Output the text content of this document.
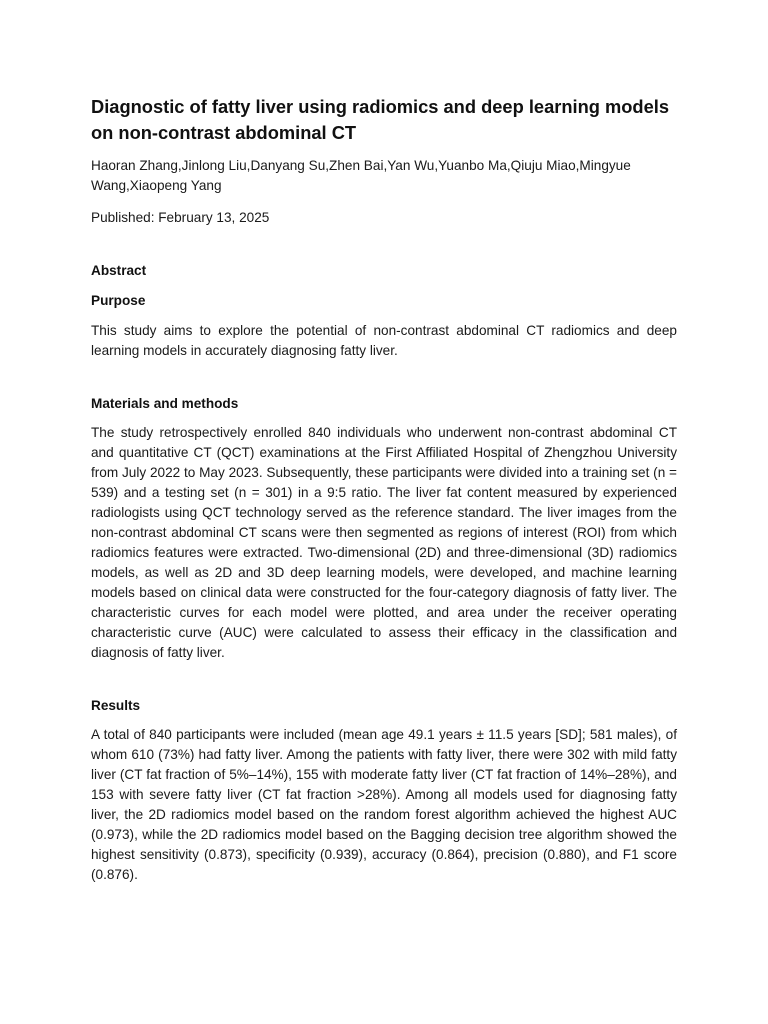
Diagnostic of fatty liver using radiomics and deep learning models on non-contrast abdominal CT
Haoran Zhang,Jinlong Liu,Danyang Su,Zhen Bai,Yan Wu,Yuanbo Ma,Qiuju Miao,Mingyue Wang,Xiaopeng Yang
Published: February 13, 2025
Abstract
Purpose

This study aims to explore the potential of non-contrast abdominal CT radiomics and deep learning models in accurately diagnosing fatty liver.

Materials and methods

The study retrospectively enrolled 840 individuals who underwent non-contrast abdominal CT and quantitative CT (QCT) examinations at the First Affiliated Hospital of Zhengzhou University from July 2022 to May 2023. Subsequently, these participants were divided into a training set (n = 539) and a testing set (n = 301) in a 9:5 ratio. The liver fat content measured by experienced radiologists using QCT technology served as the reference standard. The liver images from the non-contrast abdominal CT scans were then segmented as regions of interest (ROI) from which radiomics features were extracted. Two-dimensional (2D) and three-dimensional (3D) radiomics models, as well as 2D and 3D deep learning models, were developed, and machine learning models based on clinical data were constructed for the four-category diagnosis of fatty liver. The characteristic curves for each model were plotted, and area under the receiver operating characteristic curve (AUC) were calculated to assess their efficacy in the classification and diagnosis of fatty liver.

Results

A total of 840 participants were included (mean age 49.1 years ± 11.5 years [SD]; 581 males), of whom 610 (73%) had fatty liver. Among the patients with fatty liver, there were 302 with mild fatty liver (CT fat fraction of 5%–14%), 155 with moderate fatty liver (CT fat fraction of 14%–28%), and 153 with severe fatty liver (CT fat fraction >28%). Among all models used for diagnosing fatty liver, the 2D radiomics model based on the random forest algorithm achieved the highest AUC (0.973), while the 2D radiomics model based on the Bagging decision tree algorithm showed the highest sensitivity (0.873), specificity (0.939), accuracy (0.864), precision (0.880), and F1 score (0.876).
